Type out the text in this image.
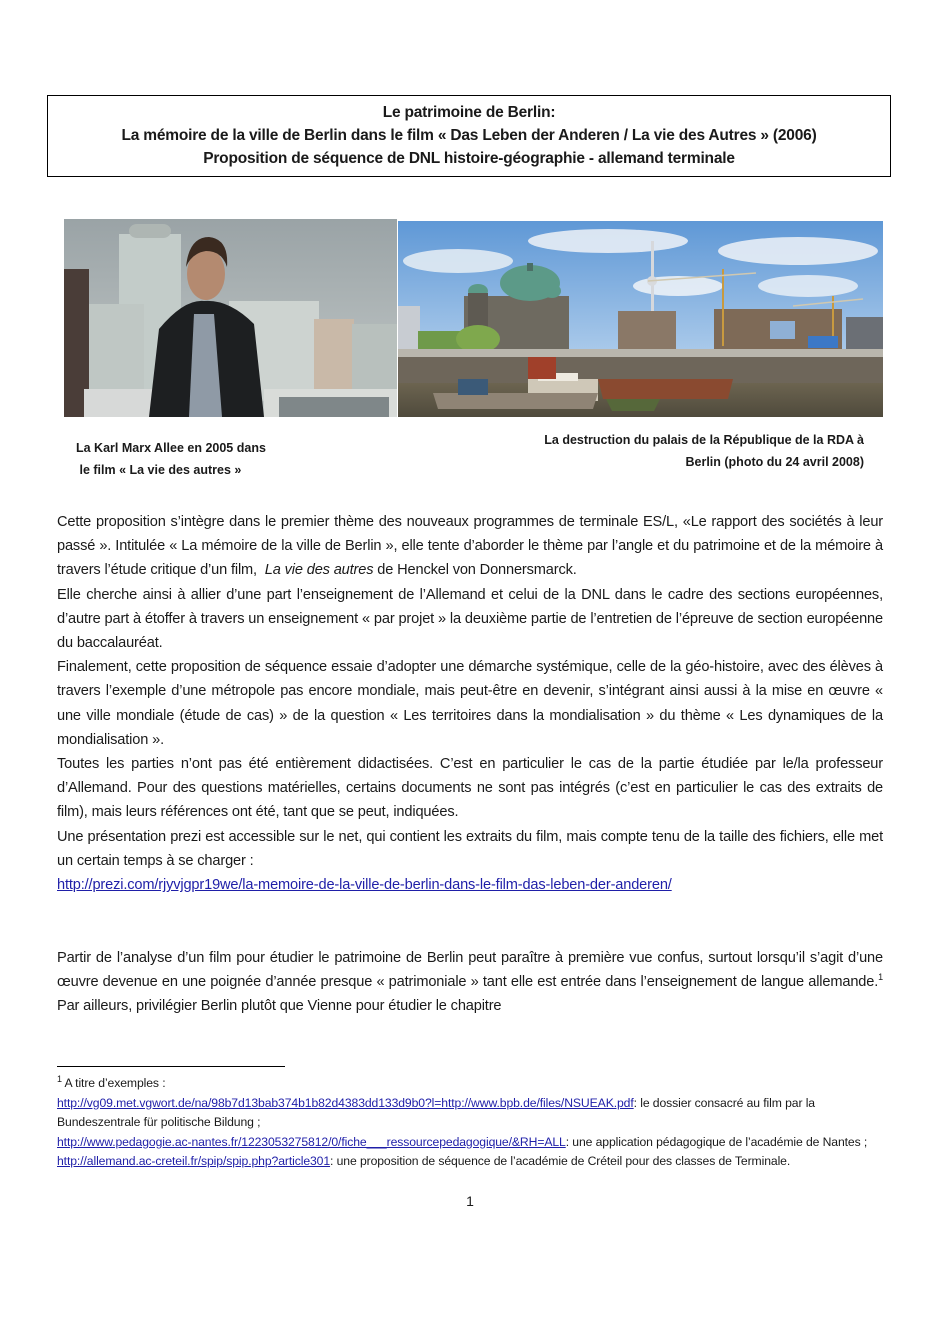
Le patrimoine de Berlin:
La mémoire de la ville de Berlin dans le film « Das Leben der Anderen / La vie des Autres » (2006)
Proposition de séquence de DNL histoire-géographie - allemand terminale
La Karl Marx Allee en 2005 dans
le film « La vie des autres »
La destruction du palais de la République de la RDA à
Berlin (photo du 24 avril 2008)

Cette proposition s’intègre dans le premier thème des nouveaux programmes de terminale ES/L, «Le rapport des sociétés à leur passé ». Intitulée « La mémoire de la ville de Berlin », elle tente d’aborder le thème par l’angle et du patrimoine et de la mémoire à travers l’étude critique d’un film,  La vie des autres de Henckel von Donnersmarck.

Elle cherche ainsi à allier d’une part l’enseignement de l’Allemand et celui de la DNL dans le cadre des sections européennes, d’autre part à étoffer à travers un enseignement « par projet » la deuxième partie de l’entretien de l’épreuve de section européenne du baccalauréat.

Finalement, cette proposition de séquence essaie d’adopter une démarche systémique, celle de la géo-histoire, avec des élèves à travers l’exemple d’une métropole pas encore mondiale, mais peut-être en devenir, s’intégrant ainsi aussi à la mise en œuvre « une ville mondiale (étude de cas) » de la question « Les territoires dans la mondialisation » du thème « Les dynamiques de la mondialisation ».

Toutes les parties n’ont pas été entièrement didactisées. C’est en particulier le cas de la partie étudiée par le/la professeur d’Allemand. Pour des questions matérielles, certains documents ne sont pas intégrés (c’est en particulier le cas des extraits de film), mais leurs références ont été, tant que se peut, indiquées.

Une présentation prezi est accessible sur le net, qui contient les extraits du film, mais compte tenu de la taille des fichiers, elle met un certain temps à se charger :

http://prezi.com/rjyvjgpr19we/la-memoire-de-la-ville-de-berlin-dans-le-film-das-leben-der-anderen/

Partir de l’analyse d’un film pour étudier le patrimoine de Berlin peut paraître à première vue confus, surtout lorsqu’il s’agit d’une œuvre devenue en une poignée d’année presque « patrimoniale » tant elle est entrée dans l’enseignement de langue allemande.$^1$ Par ailleurs, privilégier Berlin plutôt que Vienne pour étudier le chapitre

$^1$ A titre d’exemples :

http://vg09.met.vgwort.de/na/98b7d13bab374b1b82d4383dd133d9b0?l=http://www.bpb.de/files/NSUEAK.pdf: le dossier consacré au film par la Bundeszentrale für politische Bildung ;

http://www.pedagogie.ac-nantes.fr/1223053275812/0/fiche___ressourcepedagogique/&RH=ALL: une application pédagogique de l’académie de Nantes ; http://allemand.ac-creteil.fr/spip/spip.php?article301: une proposition de séquence de l’académie de Créteil pour des classes de Terminale.

1
